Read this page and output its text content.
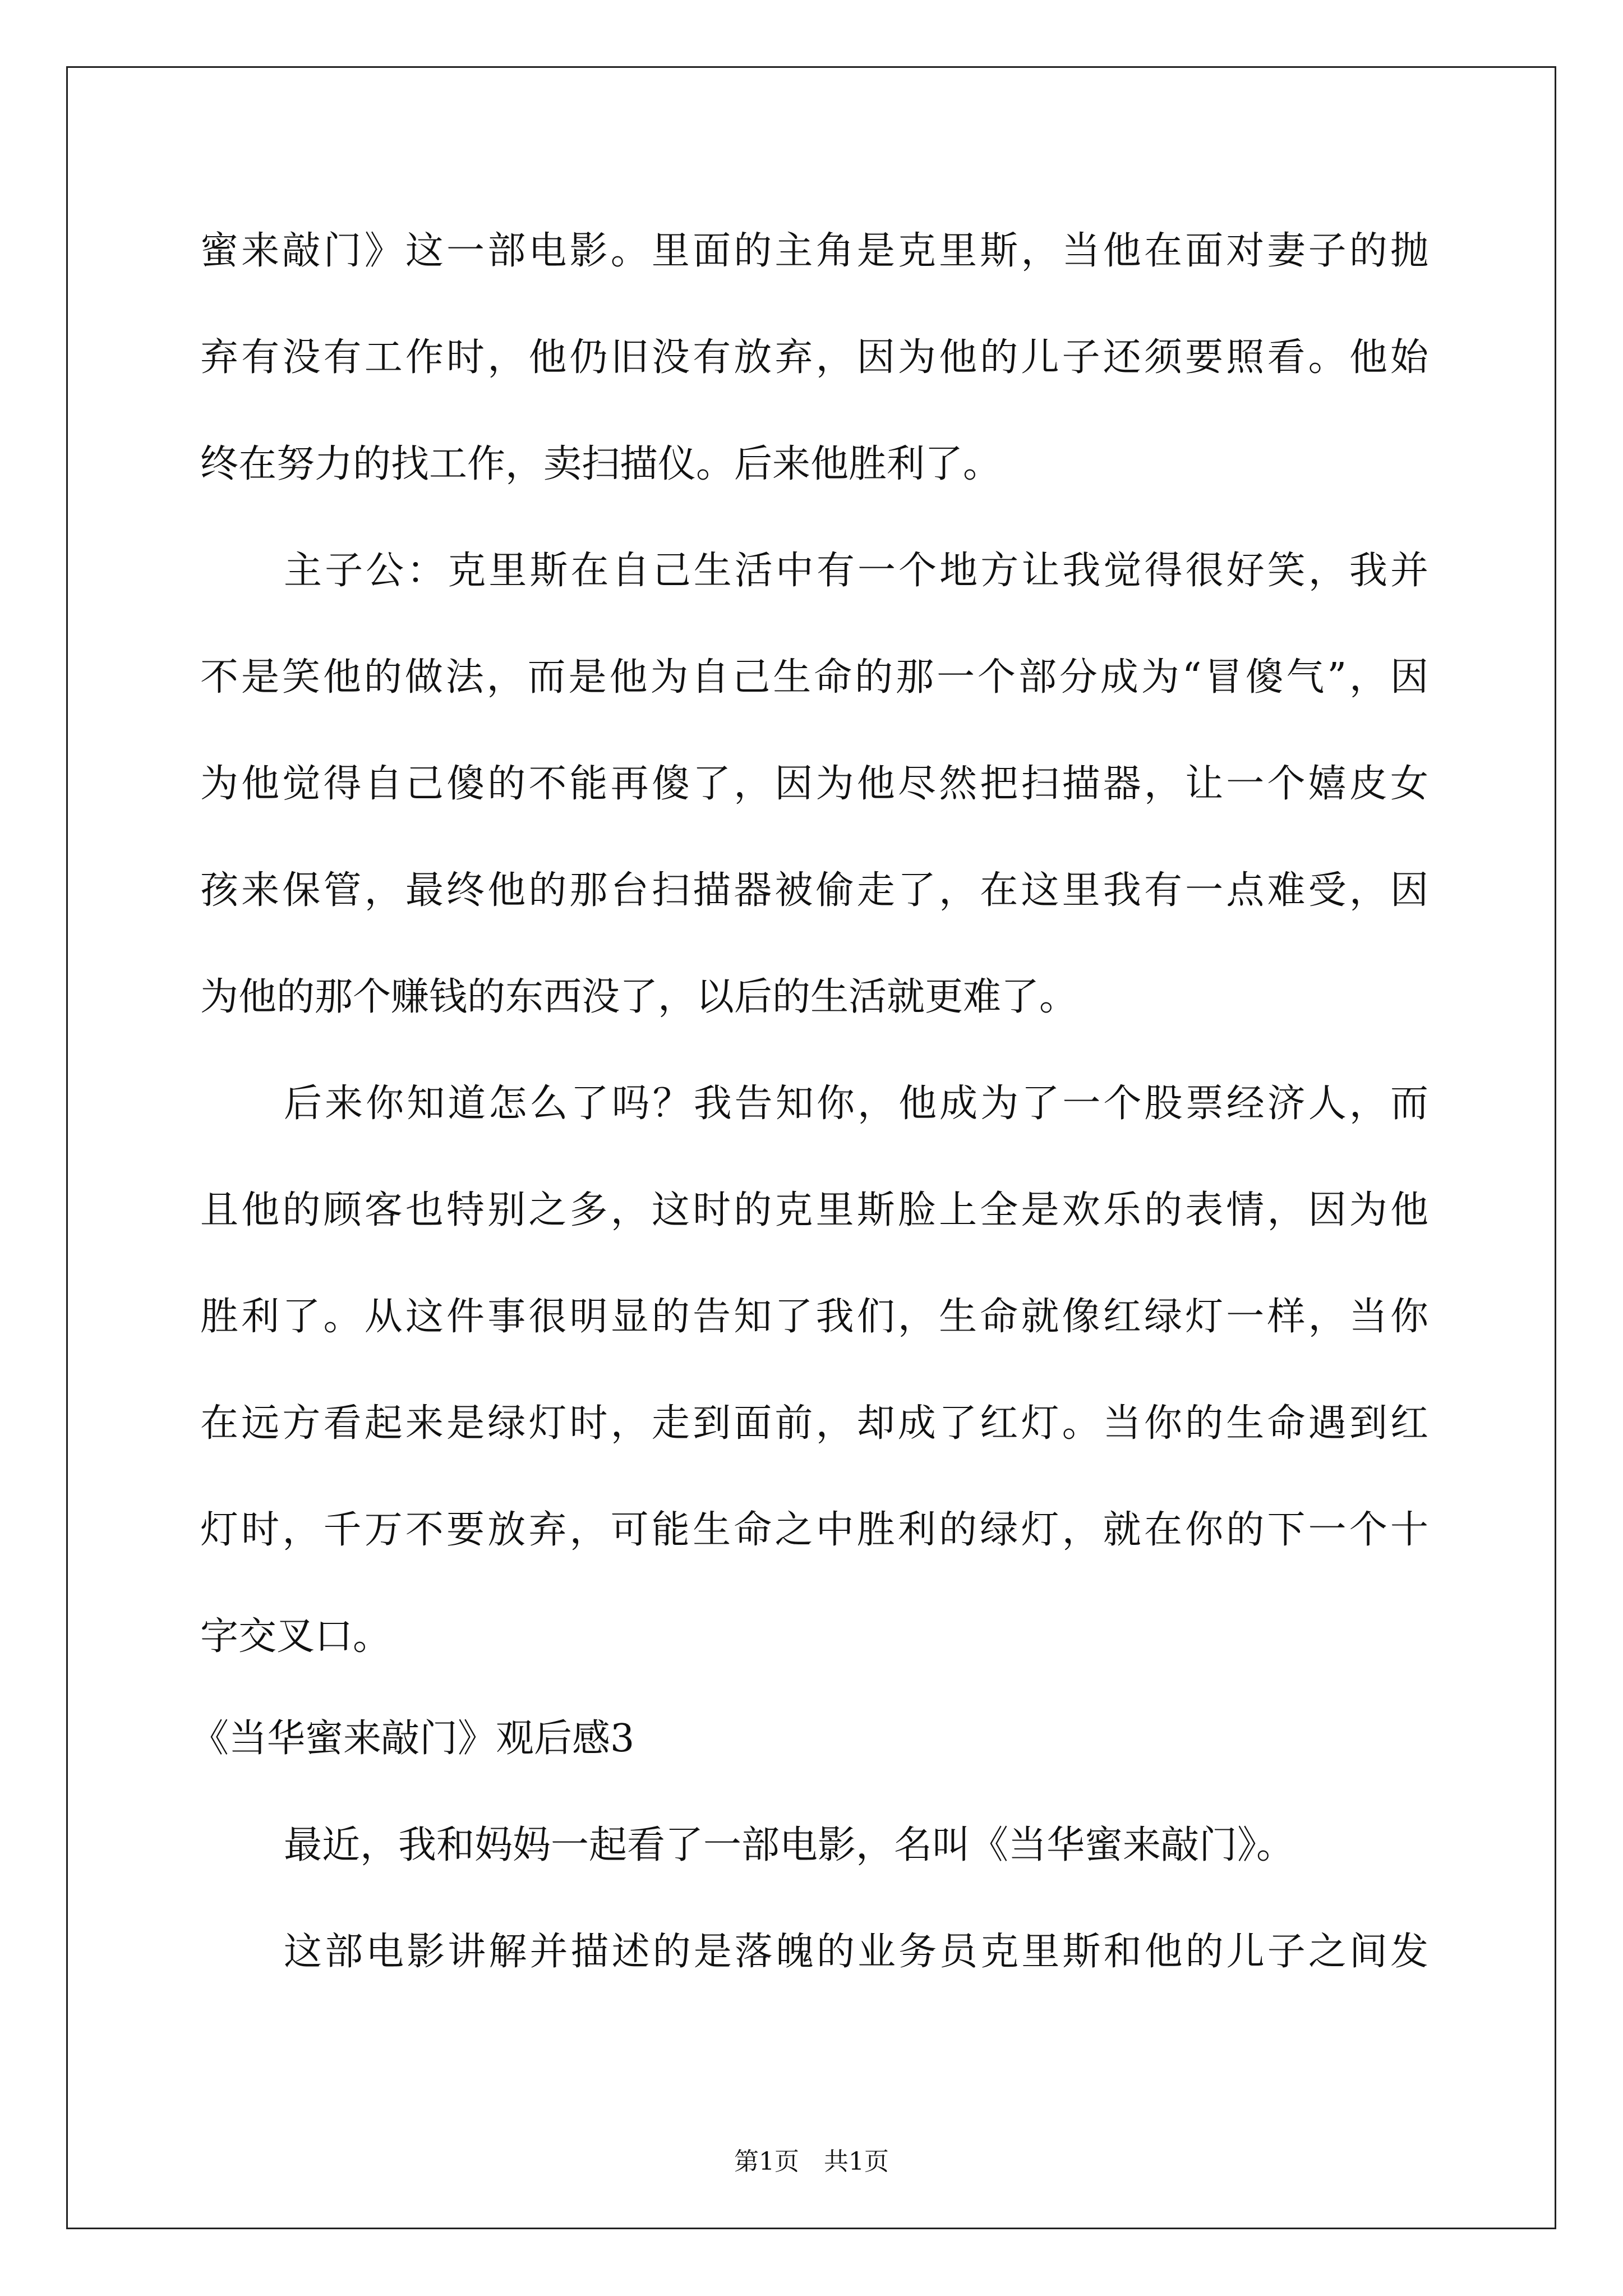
蜜来敲门》这一部电影。里面的主角是克里斯，当他在面对妻子的抛
弃有没有工作时，他仍旧没有放弃，因为他的儿子还须要照看。他始
终在努力的找工作，卖扫描仪。后来他胜利了。
主子公：克里斯在自己生活中有一个地方让我觉得很好笑，我并
不是笑他的做法，而是他为自己生命的那一个部分成为“冒傻气”，因
为他觉得自己傻的不能再傻了，因为他尽然把扫描器，让一个嬉皮女
孩来保管，最终他的那台扫描器被偷走了，在这里我有一点难受，因
为他的那个赚钱的东西没了，以后的生活就更难了。
后来你知道怎么了吗？我告知你，他成为了一个股票经济人，而
且他的顾客也特别之多，这时的克里斯脸上全是欢乐的表情，因为他
胜利了。从这件事很明显的告知了我们，生命就像红绿灯一样，当你
在远方看起来是绿灯时，走到面前，却成了红灯。当你的生命遇到红
灯时，千万不要放弃，可能生命之中胜利的绿灯，就在你的下一个十
字交叉口。
《当华蜜来敲门》观后感3
最近，我和妈妈一起看了一部电影，名叫《当华蜜来敲门》。
这部电影讲解并描述的是落魄的业务员克里斯和他的儿子之间发
第1页　共1页
